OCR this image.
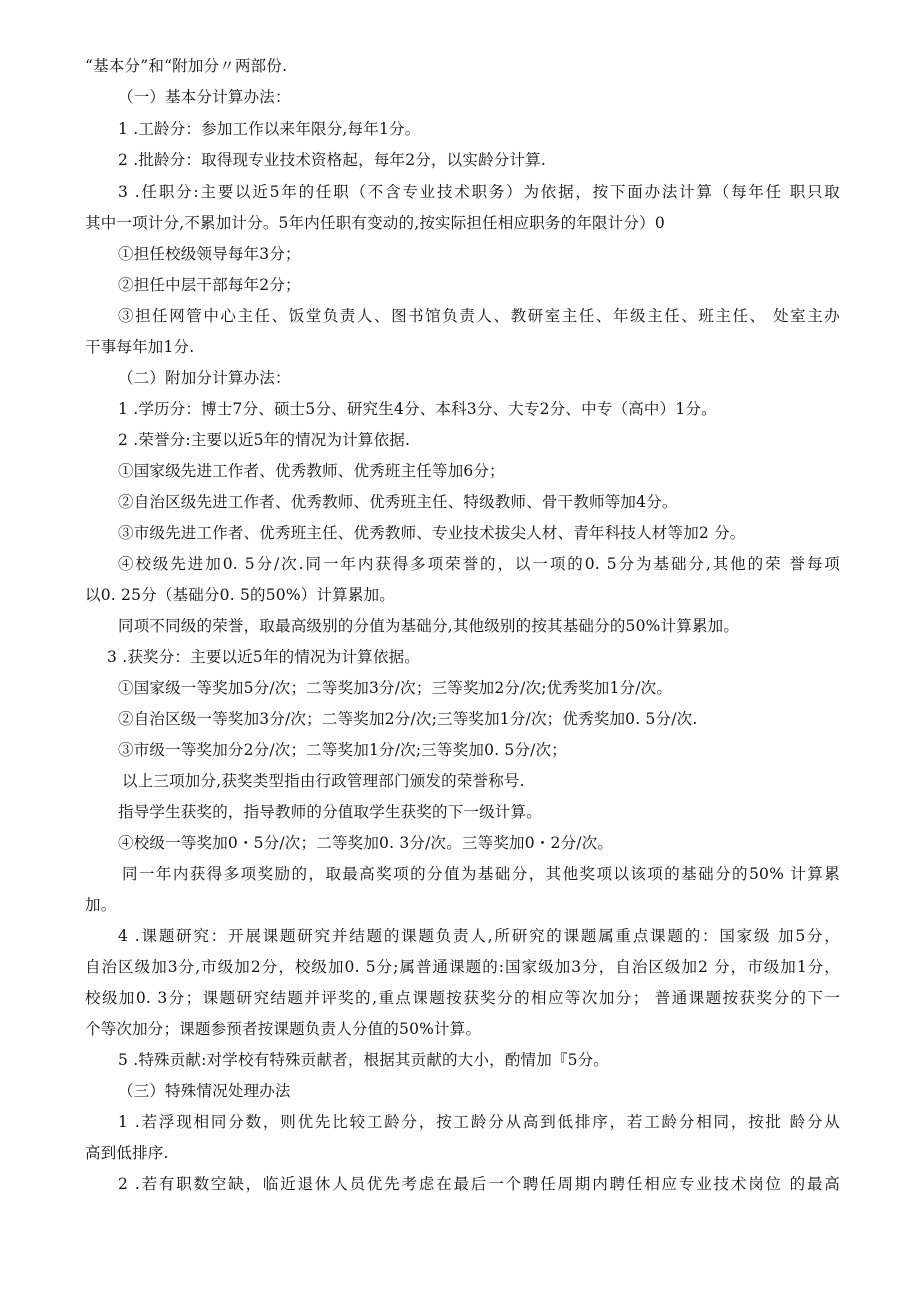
“基本分”和“附加分〃两部份.
（一）基本分计算办法：
1 .工龄分：参加工作以来年限分,每年1分。
2 .批龄分：取得现专业技术资格起，每年2分，以实龄分计算.
3 .任职分:主要以近5年的任职（不含专业技术职务）为依据，按下面办法计算（每年任 职只取
其中一项计分,不累加计分。5年内任职有变动的,按实际担任相应职务的年限计分）0
①担任校级领导每年3分；
②担任中层干部每年2分；
③担任网管中心主任、饭堂负责人、图书馆负责人、教研室主任、年级主任、班主任、 处室主办
干事每年加1分.
（二）附加分计算办法：
1 .学历分：博士7分、硕士5分、研究生4分、本科3分、大专2分、中专（高中）1分。
2 .荣誉分:主要以近5年的情况为计算依据.
①国家级先进工作者、优秀教师、优秀班主任等加6分；
②自治区级先进工作者、优秀教师、优秀班主任、特级教师、骨干教师等加4分。
③市级先进工作者、优秀班主任、优秀教师、专业技术拔尖人材、青年科技人材等加2 分。
④校级先进加0. 5分/次.同一年内获得多项荣誉的，以一项的0. 5分为基础分,其他的荣 誉每项
以0. 25分（基础分0. 5的50%）计算累加。
同项不同级的荣誉，取最高级别的分值为基础分,其他级别的按其基础分的50%计算累加。
3 .获奖分：主要以近5年的情况为计算依据。
①国家级一等奖加5分/次；二等奖加3分/次；三等奖加2分/次;优秀奖加1分/次。
②自治区级一等奖加3分/次；二等奖加2分/次;三等奖加1分/次；优秀奖加0. 5分/次.
③市级一等奖加分2分/次；二等奖加1分/次;三等奖加0. 5分/次；
以上三项加分,获奖类型指由行政管理部门颁发的荣誉称号.
指导学生获奖的，指导教师的分值取学生获奖的下一级计算。
④校级一等奖加0・5分/次；二等奖加0. 3分/次。三等奖加0・2分/次。
同一年内获得多项奖励的，取最高奖项的分值为基础分，其他奖项以该项的基础分的50% 计算累
加。
4 .课题研究：开展课题研究并结题的课题负责人,所研究的课题属重点课题的：国家级 加5分，
自治区级加3分,市级加2分，校级加0. 5分;属普通课题的:国家级加3分，自治区级加2 分，市级加1分，
校级加0. 3分；课题研究结题并评奖的,重点课题按获奖分的相应等次加分； 普通课题按获奖分的下一
个等次加分；课题参预者按课题负责人分值的50%计算。
5 .特殊贡献:对学校有特殊贡献者，根据其贡献的大小，酌情加『5分。
（三）特殊情况处理办法
1 .若浮现相同分数，则优先比较工龄分，按工龄分从高到低排序，若工龄分相同，按批 龄分从
高到低排序.
2 .若有职数空缺，临近退休人员优先考虑在最后一个聘任周期内聘任相应专业技术岗位 的最高
